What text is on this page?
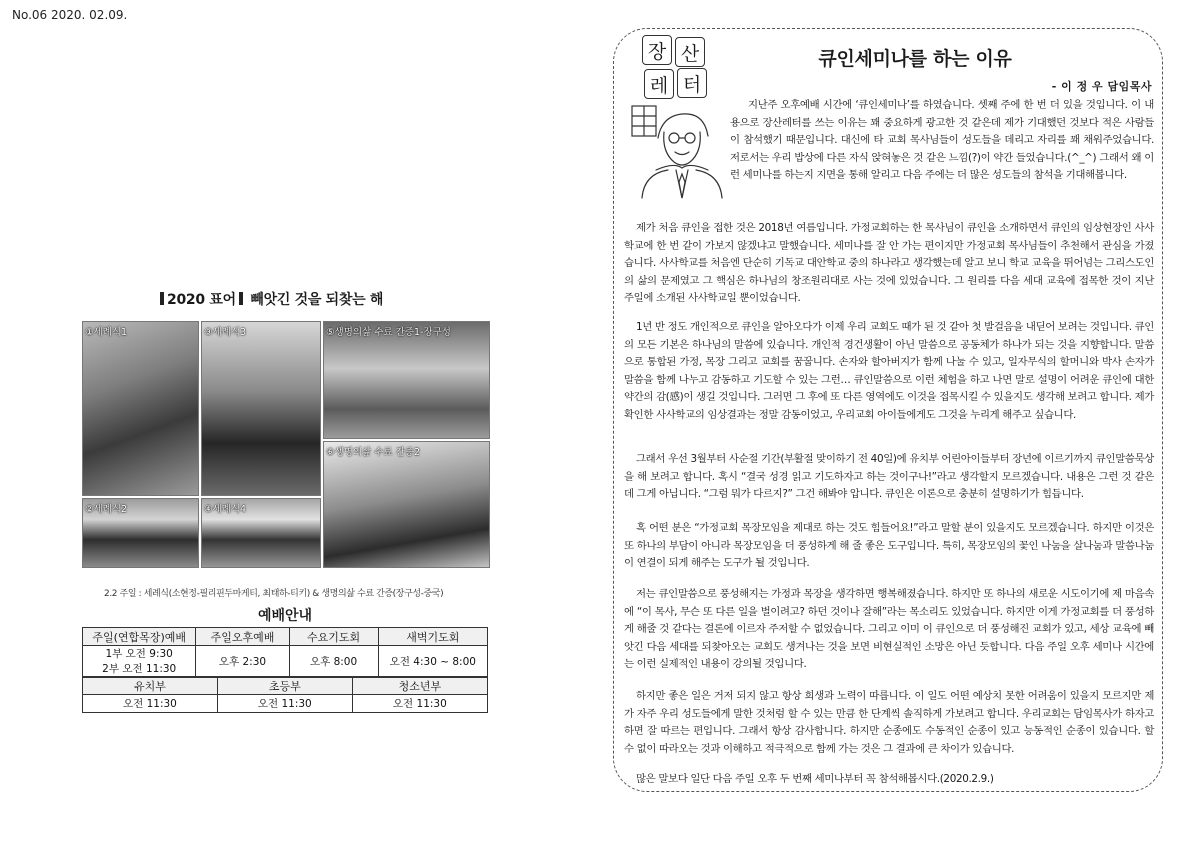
No.06 2020. 02.09.
2020 표어 빼앗긴 것을 되찾는 해
①세례식1	③세례식3	⑤생명의삶 수료 간증1-장구성
⑥생명의삶 수료 간증2
②세례식2	④세례식4
2.2 주일 : 세례식(소현정-필리핀두마게티, 최태하-티키) & 생명의삶 수료 간증(장구성-중국)
예배안내
주일(연합목장)예배	주일오후예배	수요기도회	새벽기도회

1부 오전 9:30
2부 오전 11:30	오후 2:30	오후 8:00	오전 4:30 ~ 8:00
유치부	초등부	청소년부
오전 11:30	오전 11:30	오전 11:30
장 산
레 터
큐인세미나를 하는 이유
- 이 정 우 담임목사

지난주 오후예배 시간에 ‘큐인세미나’를 하였습니다. 셋째 주에 한 번 더 있을 것입니다. 이 내용으로 장산레터를 쓰는 이유는 꽤 중요하게 광고한 것 같은데 제가 기대했던 것보다 적은 사람들이 참석했기 때문입니다. 대신에 타 교회 목사님들이 성도들을 데리고 자리를 꽤 채워주었습니다. 저로서는 우리 밥상에 다른 자식 앉혀놓은 것 같은 느낌(?)이 약간 들었습니다.(^_^) 그래서 왜 이런 세미나를 하는지 지면을 통해 알리고 다음 주에는 더 많은 성도들의 참석을 기대해봅니다.

제가 처음 큐인을 접한 것은 2018년 여름입니다. 가정교회하는 한 목사님이 큐인을 소개하면서 큐인의 임상현장인 사사학교에 한 번 같이 가보지 않겠냐고 말했습니다. 세미나를 잘 안 가는 편이지만 가정교회 목사님들이 추천해서 관심을 가졌습니다. 사사학교를 처음엔 단순히 기독교 대안학교 중의 하나라고 생각했는데 알고 보니 학교 교육을 뛰어넘는 그리스도인의 삶의 문제였고 그 핵심은 하나님의 창조원리대로 사는 것에 있었습니다. 그 원리를 다음 세대 교육에 접목한 것이 지난 주일에 소개된 사사학교일 뿐이었습니다.

1년 반 정도 개인적으로 큐인을 알아오다가 이제 우리 교회도 때가 된 것 같아 첫 발걸음을 내딛어 보려는 것입니다. 큐인의 모든 기본은 하나님의 말씀에 있습니다. 개인적 경건생활이 아닌 말씀으로 공동체가 하나가 되는 것을 지향합니다. 말씀으로 통합된 가정, 목장 그리고 교회를 꿈꿉니다. 손자와 할아버지가 함께 나눌 수 있고, 일자무식의 할머니와 박사 손자가 말씀을 함께 나누고 감동하고 기도할 수 있는 그런… 큐인말씀으로 이런 체험을 하고 나면 말로 설명이 어려운 큐인에 대한 약간의 감(感)이 생길 것입니다. 그러면 그 후에 또 다른 영역에도 이것을 접목시킬 수 있을지도 생각해 보려고 합니다. 제가 확인한 사사학교의 임상결과는 정말 감동이었고, 우리교회 아이들에게도 그것을 누리게 해주고 싶습니다.

그래서 우선 3월부터 사순절 기간(부활절 맞이하기 전 40일)에 유치부 어린아이들부터 장년에 이르기까지 큐인말씀묵상을 해 보려고 합니다. 혹시 “결국 성경 읽고 기도하자고 하는 것이구나!”라고 생각할지 모르겠습니다. 내용은 그런 것 같은데 그게 아닙니다. “그럼 뭐가 다르지?” 그건 해봐야 압니다. 큐인은 이론으로 충분히 설명하기가 힘듭니다.

혹 어떤 분은 “가정교회 목장모임을 제대로 하는 것도 힘들어요!”라고 말할 분이 있을지도 모르겠습니다. 하지만 이것은 또 하나의 부담이 아니라 목장모임을 더 풍성하게 해 줄 좋은 도구입니다. 특히, 목장모임의 꽃인 나눔을 살나눔과 말씀나눔이 연결이 되게 해주는 도구가 될 것입니다.

저는 큐인말씀으로 풍성해지는 가정과 목장을 생각하면 행복해졌습니다. 하지만 또 하나의 새로운 시도이기에 제 마음속에 “이 목사, 무슨 또 다른 일을 벌이려고? 하던 것이나 잘해”라는 목소리도 있었습니다. 하지만 이게 가정교회를 더 풍성하게 해줄 것 같다는 결론에 이르자 주저할 수 없었습니다. 그리고 이미 이 큐인으로 더 풍성해진 교회가 있고, 세상 교육에 빼앗긴 다음 세대를 되찾아오는 교회도 생겨나는 것을 보면 비현실적인 소망은 아닌 듯합니다. 다음 주일 오후 세미나 시간에는 이런 실제적인 내용이 강의될 것입니다.

하지만 좋은 일은 거저 되지 않고 항상 희생과 노력이 따릅니다. 이 일도 어떤 예상치 못한 어려움이 있을지 모르지만 제가 자주 우리 성도들에게 말한 것처럼 할 수 있는 만큼 한 단계씩 솔직하게 가보려고 합니다. 우리교회는 담임목사가 하자고 하면 잘 따르는 편입니다. 그래서 항상 감사합니다. 하지만 순종에도 수동적인 순종이 있고 능동적인 순종이 있습니다. 할 수 없이 따라오는 것과 이해하고 적극적으로 함께 가는 것은 그 결과에 큰 차이가 있습니다.

많은 말보다 일단 다음 주일 오후 두 번째 세미나부터 꼭 참석해봅시다.(2020.2.9.)
